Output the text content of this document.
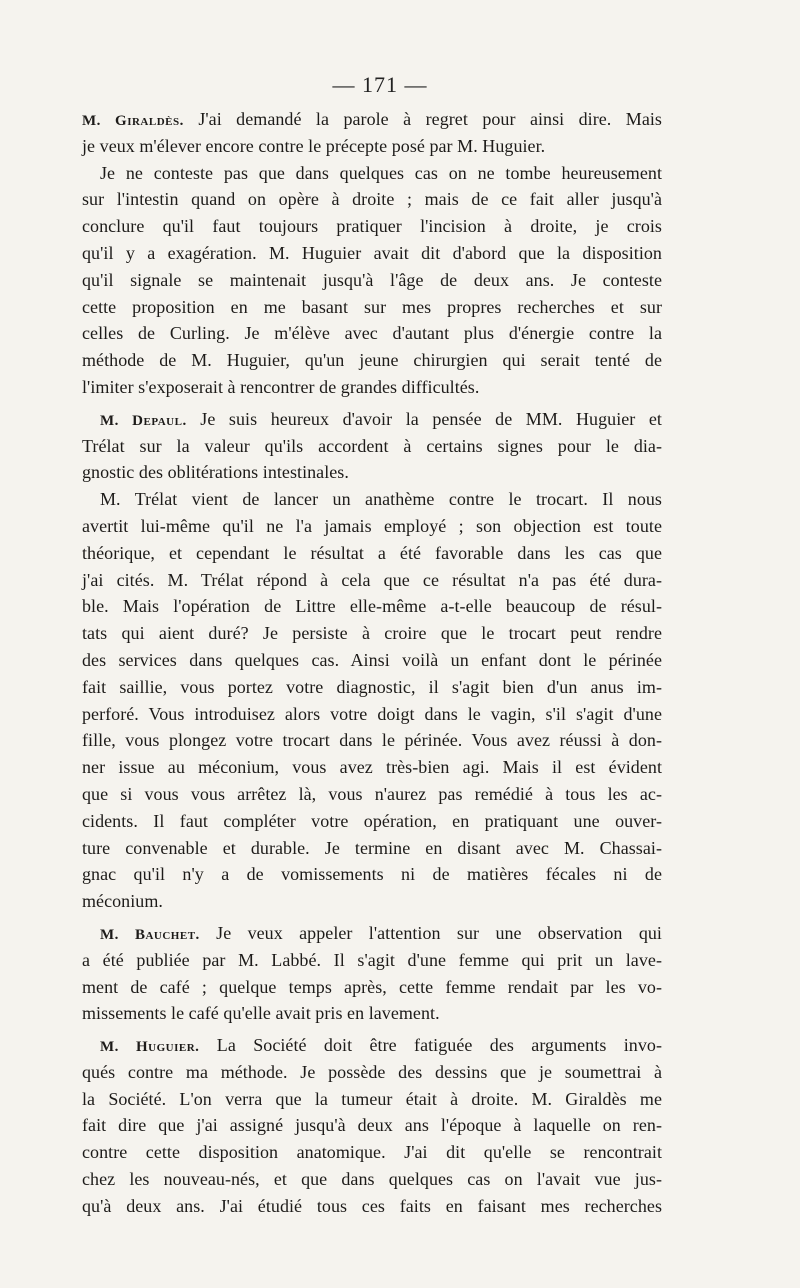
— 171 —
M. Giraldès. J'ai demandé la parole à regret pour ainsi dire. Mais
je veux m'élever encore contre le précepte posé par M. Huguier.
Je ne conteste pas que dans quelques cas on ne tombe heureusement
sur l'intestin quand on opère à droite ; mais de ce fait aller jusqu'à
conclure qu'il faut toujours pratiquer l'incision à droite, je crois
qu'il y a exagération. M. Huguier avait dit d'abord que la disposition
qu'il signale se maintenait jusqu'à l'âge de deux ans. Je conteste
cette proposition en me basant sur mes propres recherches et sur
celles de Curling. Je m'élève avec d'autant plus d'énergie contre la
méthode de M. Huguier, qu'un jeune chirurgien qui serait tenté de
l'imiter s'exposerait à rencontrer de grandes difficultés.
M. Depaul. Je suis heureux d'avoir la pensée de MM. Huguier et
Trélat sur la valeur qu'ils accordent à certains signes pour le dia-
gnostic des oblitérations intestinales.
M. Trélat vient de lancer un anathème contre le trocart. Il nous
avertit lui-même qu'il ne l'a jamais employé ; son objection est toute
théorique, et cependant le résultat a été favorable dans les cas que
j'ai cités. M. Trélat répond à cela que ce résultat n'a pas été dura-
ble. Mais l'opération de Littre elle-même a-t-elle beaucoup de résul-
tats qui aient duré? Je persiste à croire que le trocart peut rendre
des services dans quelques cas. Ainsi voilà un enfant dont le périnée
fait saillie, vous portez votre diagnostic, il s'agit bien d'un anus im-
perforé. Vous introduisez alors votre doigt dans le vagin, s'il s'agit d'une
fille, vous plongez votre trocart dans le périnée. Vous avez réussi à don-
ner issue au méconium, vous avez très-bien agi. Mais il est évident
que si vous vous arrêtez là, vous n'aurez pas remédié à tous les ac-
cidents. Il faut compléter votre opération, en pratiquant une ouver-
ture convenable et durable. Je termine en disant avec M. Chassai-
gnac qu'il n'y a de vomissements ni de matières fécales ni de
méconium.
M. Bauchet. Je veux appeler l'attention sur une observation qui
a été publiée par M. Labbé. Il s'agit d'une femme qui prit un lave-
ment de café ; quelque temps après, cette femme rendait par les vo-
missements le café qu'elle avait pris en lavement.
M. Huguier. La Société doit être fatiguée des arguments invo-
qués contre ma méthode. Je possède des dessins que je soumettrai à
la Société. L'on verra que la tumeur était à droite. M. Giraldès me
fait dire que j'ai assigné jusqu'à deux ans l'époque à laquelle on ren-
contre cette disposition anatomique. J'ai dit qu'elle se rencontrait
chez les nouveau-nés, et que dans quelques cas on l'avait vue jus-
qu'à deux ans. J'ai étudié tous ces faits en faisant mes recherches
